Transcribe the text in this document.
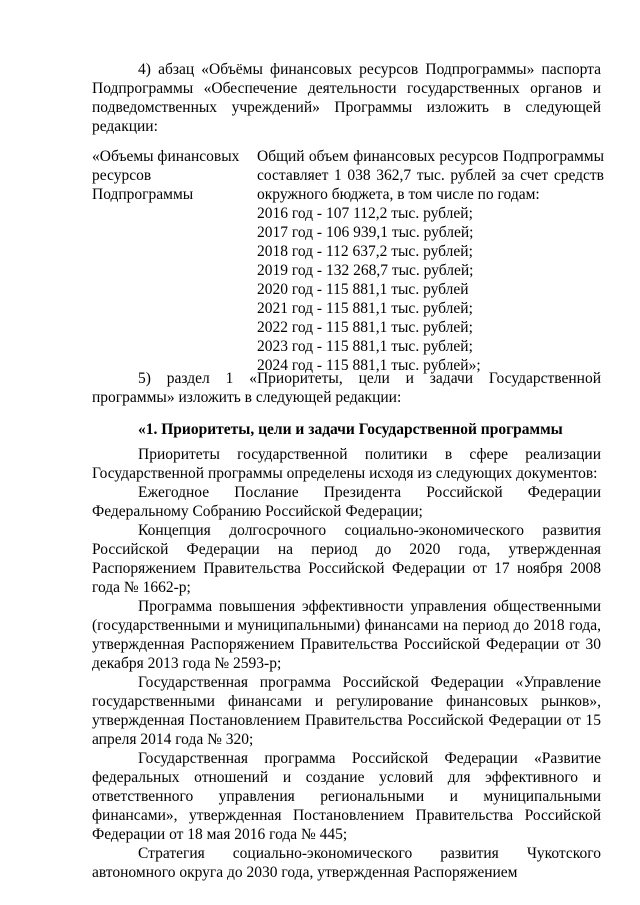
4) абзац «Объёмы финансовых ресурсов Подпрограммы» паспорта Подпрограммы «Обеспечение деятельности государственных органов и подведомственных учреждений» Программы изложить в следующей редакции:

«Объемы финансовых ресурсов Подпрограммы

Общий объем финансовых ресурсов Подпрограммы составляет 1 038 362,7 тыс. рублей за счет средств окружного бюджета, в том числе по годам:

2016 год - 107 112,2 тыс. рублей;
2017 год - 106 939,1 тыс. рублей;
2018 год - 112 637,2 тыс. рублей;
2019 год - 132 268,7 тыс. рублей;
2020 год - 115 881,1 тыс. рублей
2021 год - 115 881,1 тыс. рублей;
2022 год - 115 881,1 тыс. рублей;
2023 год - 115 881,1 тыс. рублей;
2024 год - 115 881,1 тыс. рублей»;

5) раздел 1 «Приоритеты, цели и задачи Государственной программы» изложить в следующей редакции:

«1. Приоритеты, цели и задачи Государственной программы

Приоритеты государственной политики в сфере реализации Государственной программы определены исходя из следующих документов:

Ежегодное Послание Президента Российской Федерации Федеральному Собранию Российской Федерации;

Концепция долгосрочного социально-экономического развития Российской Федерации на период до 2020 года, утвержденная Распоряжением Правительства Российской Федерации от 17 ноября 2008 года № 1662-р;

Программа повышения эффективности управления общественными (государственными и муниципальными) финансами на период до 2018 года, утвержденная Распоряжением Правительства Российской Федерации от 30 декабря 2013 года № 2593-р;

Государственная программа Российской Федерации «Управление государственными финансами и регулирование финансовых рынков», утвержденная Постановлением Правительства Российской Федерации от 15 апреля 2014 года № 320;

Государственная программа Российской Федерации «Развитие федеральных отношений и создание условий для эффективного и ответственного управления региональными и муниципальными финансами», утвержденная Постановлением Правительства Российской Федерации от 18 мая 2016 года № 445;

Стратегия социально-экономического развития Чукотского автономного округа до 2030 года, утвержденная Распоряжением
